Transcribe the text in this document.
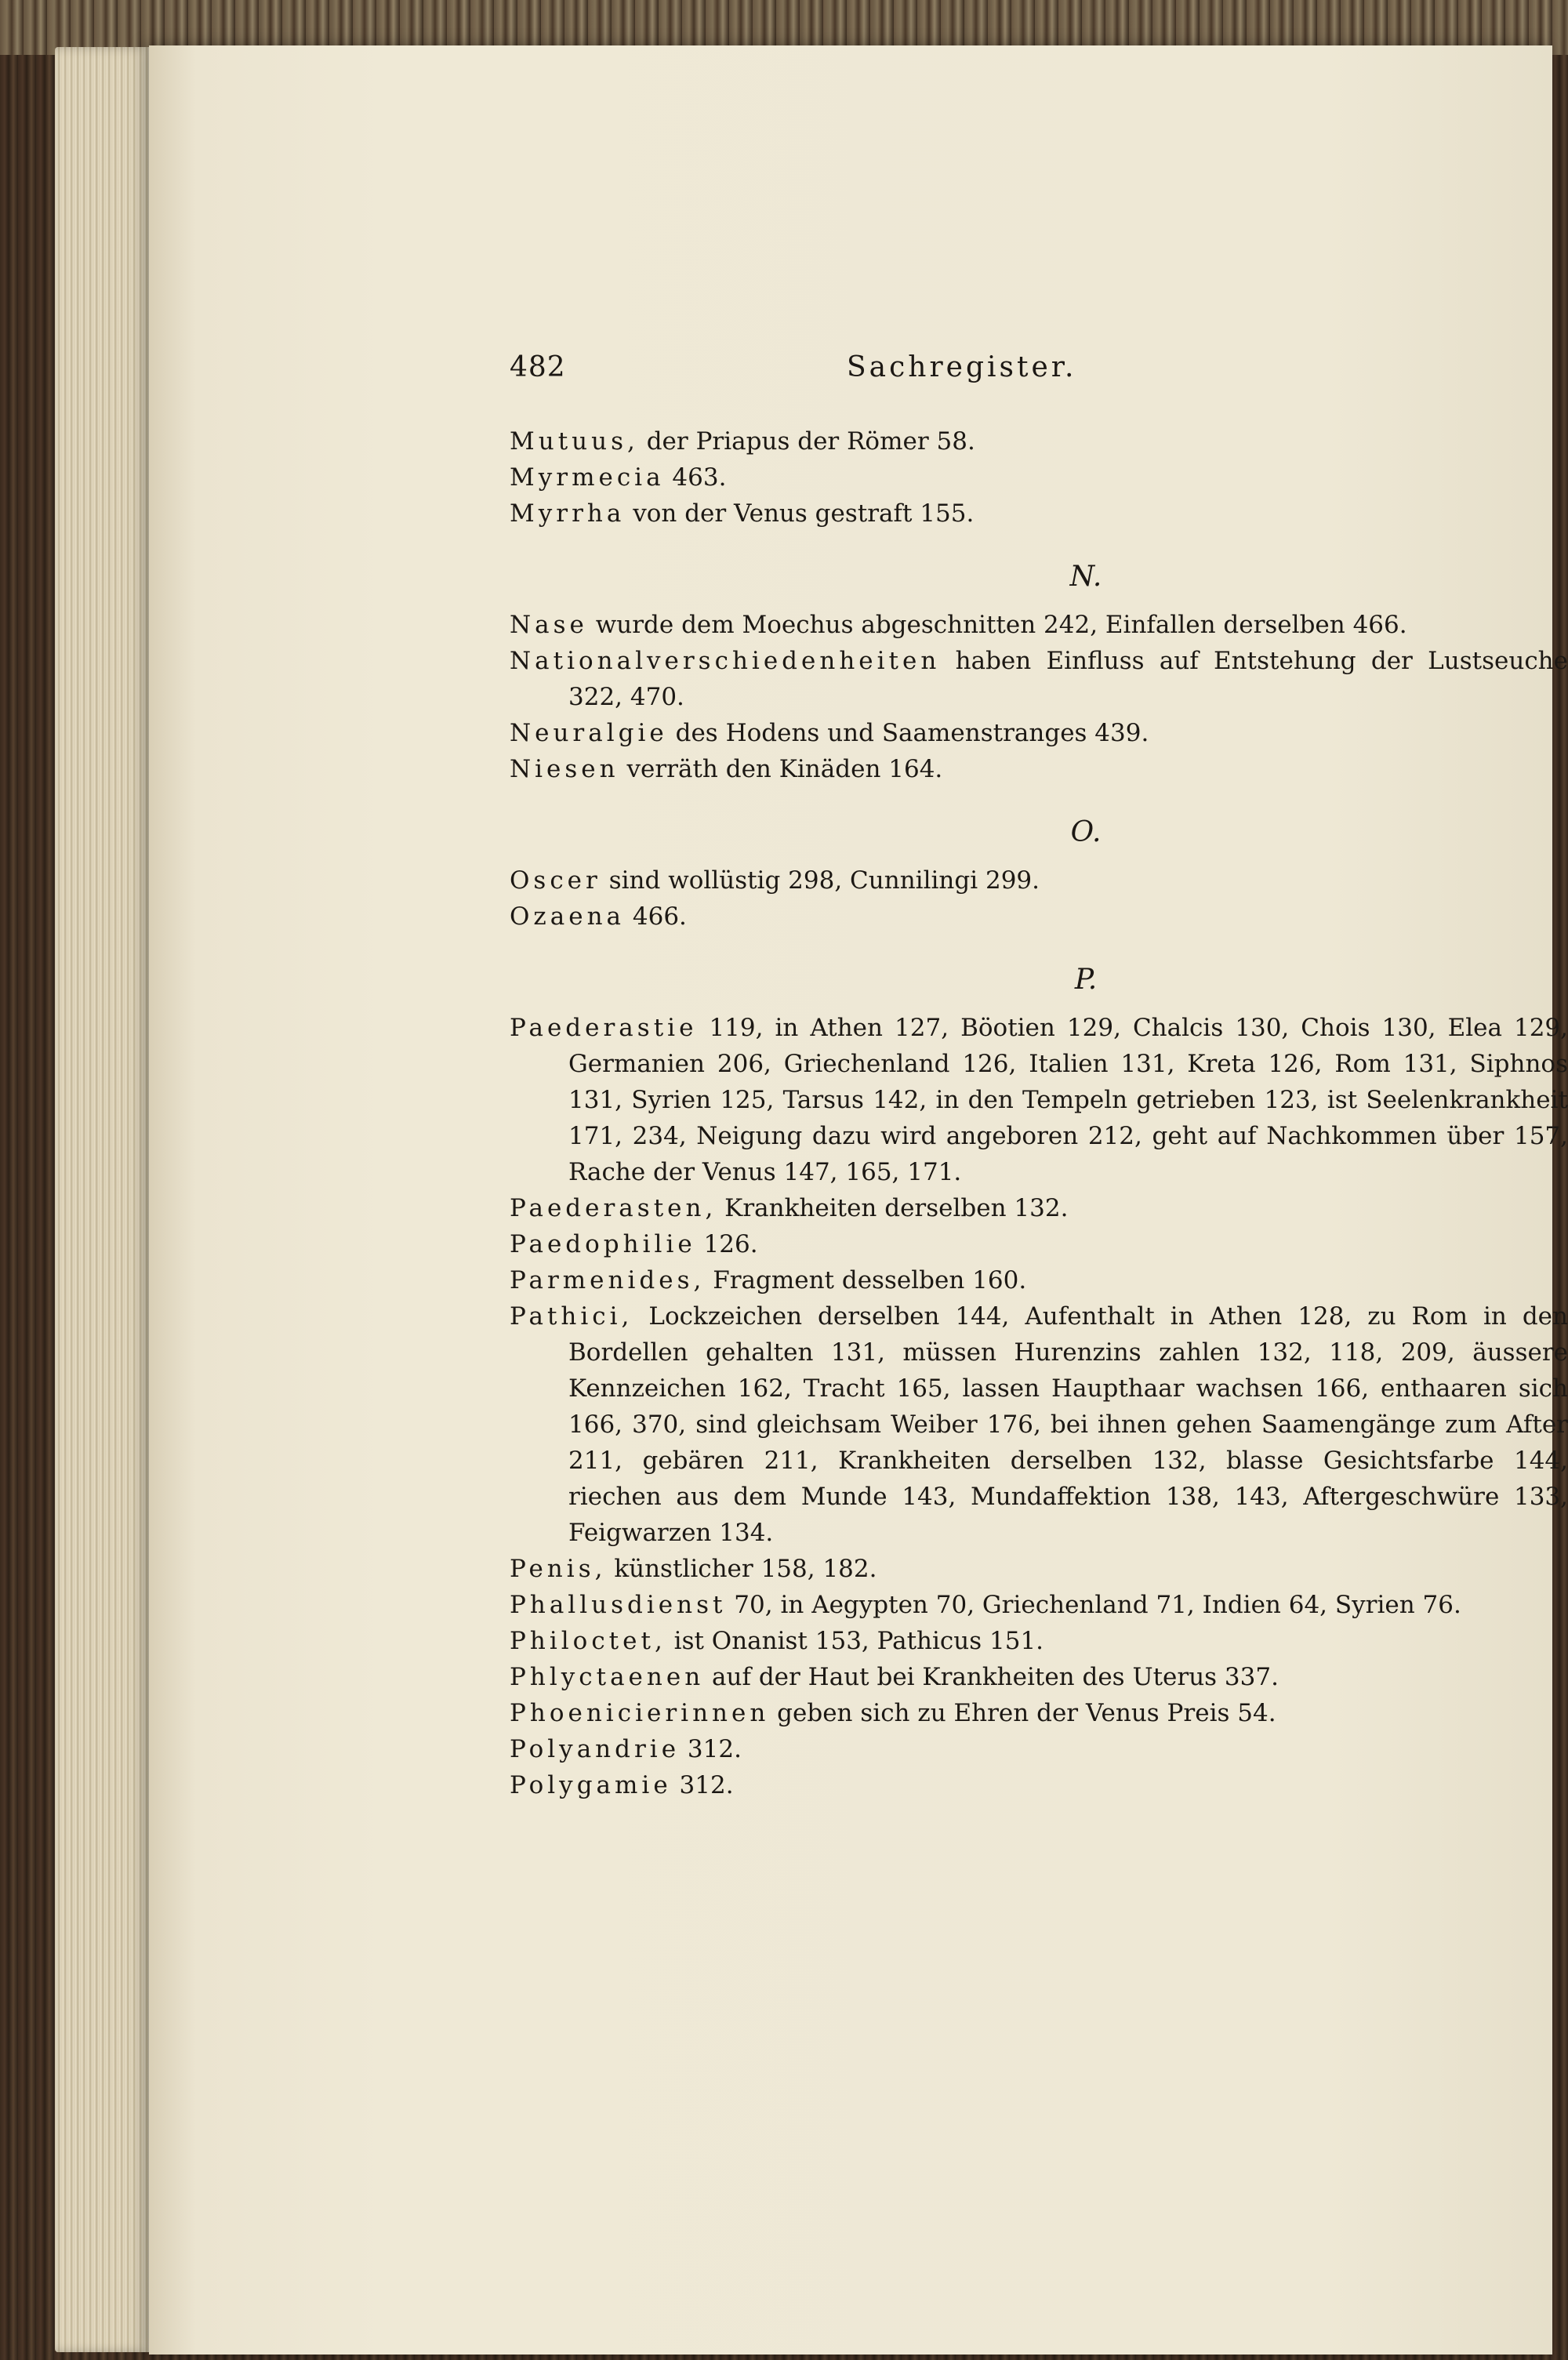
482	Sachregister.

Mutuus, der Priapus der Römer 58.

Myrmecia 463.

Myrrha von der Venus gestraft 155.

N.

Nase wurde dem Moechus abgeschnitten 242, Einfallen derselben 466.

Nationalverschiedenheiten haben Einfluss auf Entstehung der Lustseuche 322, 470.

Neuralgie des Hodens und Saamenstranges 439.

Niesen verräth den Kinäden 164.

O.

Oscer sind wollüstig 298, Cunnilingi 299.

Ozaena 466.

P.

Paederastie 119, in Athen 127, Böotien 129, Chalcis 130, Chois 130, Elea 129, Germanien 206, Griechenland 126, Italien 131, Kreta 126, Rom 131, Siphnos 131, Syrien 125, Tarsus 142, in den Tempeln getrieben 123, ist Seelenkrankheit 171, 234, Neigung dazu wird angeboren 212, geht auf Nachkommen über 157, Rache der Venus 147, 165, 171.

Paederasten, Krankheiten derselben 132.

Paedophilie 126.

Parmenides, Fragment desselben 160.

Pathici, Lockzeichen derselben 144, Aufenthalt in Athen 128, zu Rom in den Bordellen gehalten 131, müssen Hurenzins zahlen 132, 118, 209, äussere Kennzeichen 162, Tracht 165, lassen Haupthaar wachsen 166, enthaaren sich 166, 370, sind gleichsam Weiber 176, bei ihnen gehen Saamengänge zum After 211, gebären 211, Krankheiten derselben 132, blasse Gesichtsfarbe 144, riechen aus dem Munde 143, Mundaffektion 138, 143, Aftergeschwüre 133, Feigwarzen 134.

Penis, künstlicher 158, 182.

Phallusdienst 70, in Aegypten 70, Griechenland 71, Indien 64, Syrien 76.

Philoctet, ist Onanist 153, Pathicus 151.

Phlyctaenen auf der Haut bei Krankheiten des Uterus 337.

Phoenicierinnen geben sich zu Ehren der Venus Preis 54.

Polyandrie 312.

Polygamie 312.
